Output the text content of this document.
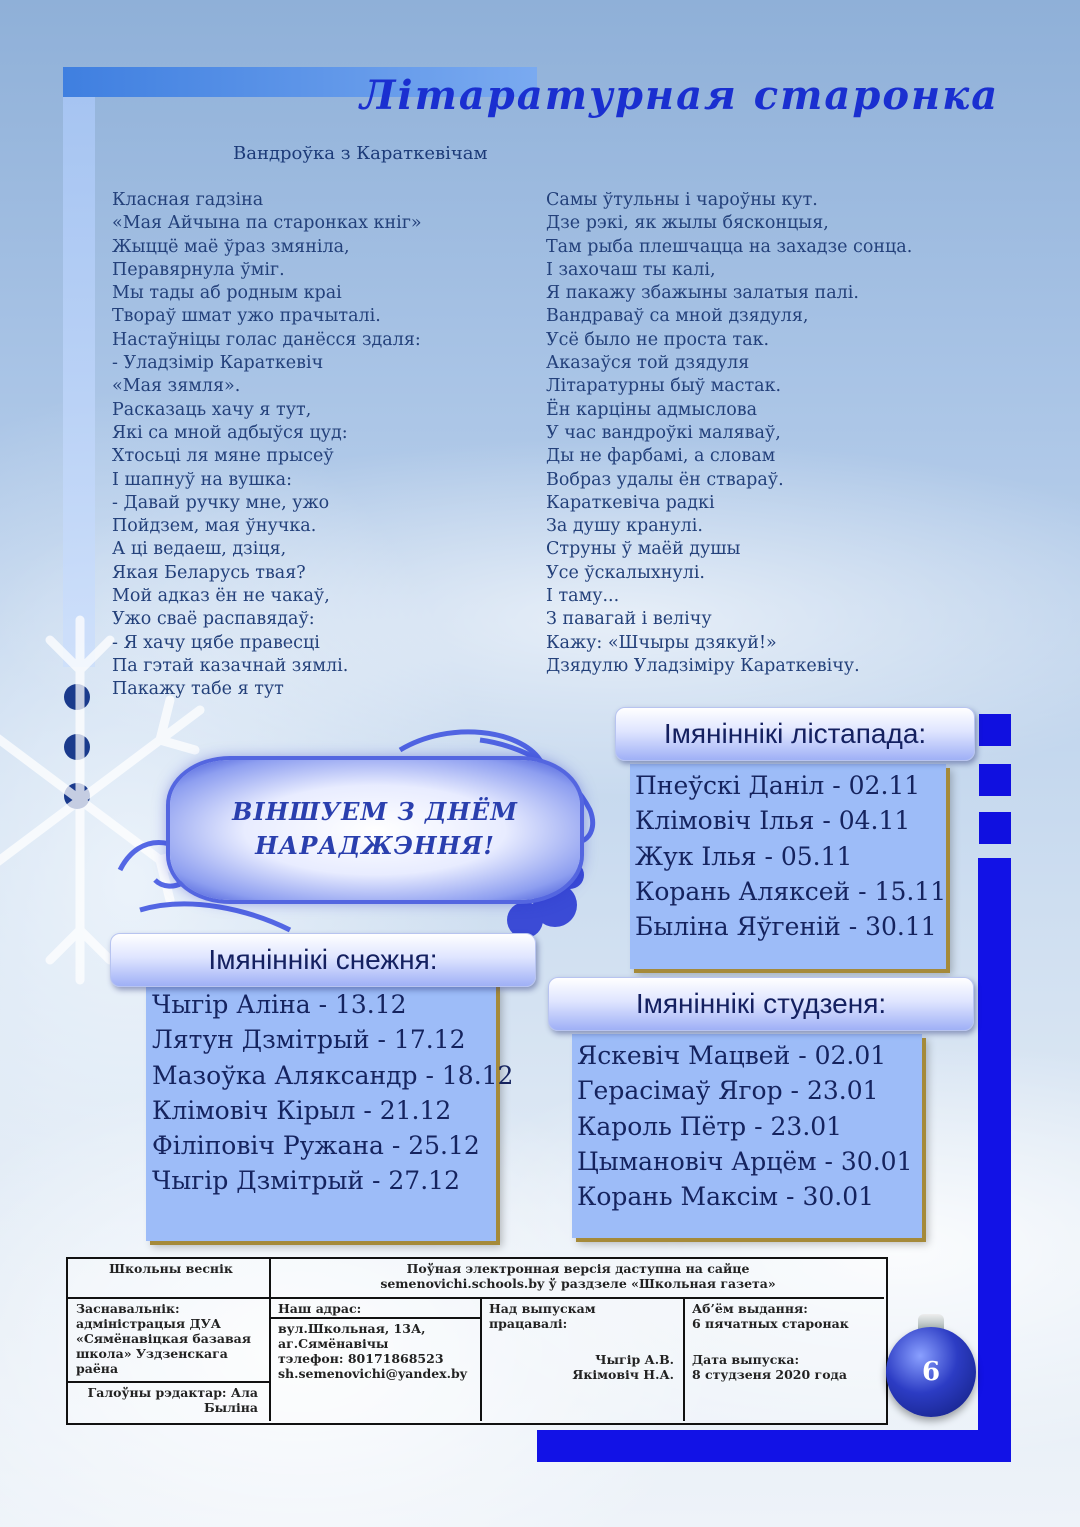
Літаратурная старонка
Вандроўка з Караткевічам
Класная гадзіна
«Мая Айчына па старонках кніг»
Жыццё маё ўраз змяніла,
Перавярнула ўміг.
Мы тады аб родным краі
Твораў шмат ужо прачыталі.
Настаўніцы голас данёсся здаля:
- Уладзімір Караткевіч
«Мая зямля».
Расказаць хачу я тут,
Які са мной адбыўся цуд:
Хтосьці ля мяне прысеў
І шапнуў на вушка:
- Давай ручку мне, ужо
Пойдзем, мая ўнучка.
А ці ведаеш, дзіця,
Якая Беларусь твая?
Мой адказ ён не чакаў,
Ужо сваё распавядаў:
- Я хачу цябе правесці
Па гэтай казачнай зямлі.
Пакажу табе я тут
Самы ўтульны і чароўны кут.
Дзе рэкі, як жылы бясконцыя,
Там рыба плешчацца на захадзе сонца.
І захочаш ты калі,
Я пакажу збажыны залатыя палі.
Вандраваў са мной дзядуля,
Усё было не проста так.
Аказаўся той дзядуля
Літаратурны быў мастак.
Ён карціны адмыслова
У час вандроўкі маляваў,
Ды не фарбамі, а словам
Вобраз удалы ён ствараў.
Караткевіча радкі
За душу кранулі.
Струны ў маёй душы
Усе ўскалыхнулі.
І таму...
З павагай і велічу
Кажу: «Шчыры дзякуй!»
Дзядулю Уладзіміру Караткевічу.
ВІНШУЕМ З ДНЁМ
НАРАДЖЭННЯ!
Пнеўскі Даніл - 02.11
Клімовіч Ілья - 04.11
Жук Ілья - 05.11
Корань Аляксей - 15.11
Быліна Яўгеній - 30.11
Імяніннікі лістапада:
Чыгір Аліна - 13.12
Лятун Дзмітрый - 17.12
Мазоўка Аляксандр - 18.12
Клімовіч Кірыл - 21.12
Філіповіч Ружана - 25.12
Чыгір Дзмітрый - 27.12
Імяніннікі снежня:
Яскевіч Мацвей - 02.01
Герасімаў Ягор - 23.01
Кароль Пётр - 23.01
Цымановіч Арцём - 30.01
Корань Максім - 30.01
Імяніннікі студзеня:
Школьны веснік	Поўная электронная версія даступна на сайце
semenovichi.schools.by ў раздзеле «Школьная газета»
Заснавальнік:
адміністрацыя ДУА «Сямёнавіцкая базавая школа» Уздзенскага раёна
Галоўны рэдактар: Ала Быліна
Наш адрас:
вул.Школьная, 13А, аг.Сямёнавічы
тэлефон: 80171868523
sh.semenovichi@yandex.by
Над выпускам працавалі:
Чыгір А.В.
Якімовіч Н.А.
Аб’ём выдання:
6 пячатных старонак
Дата выпуска:
8 студзеня 2020 года	6
